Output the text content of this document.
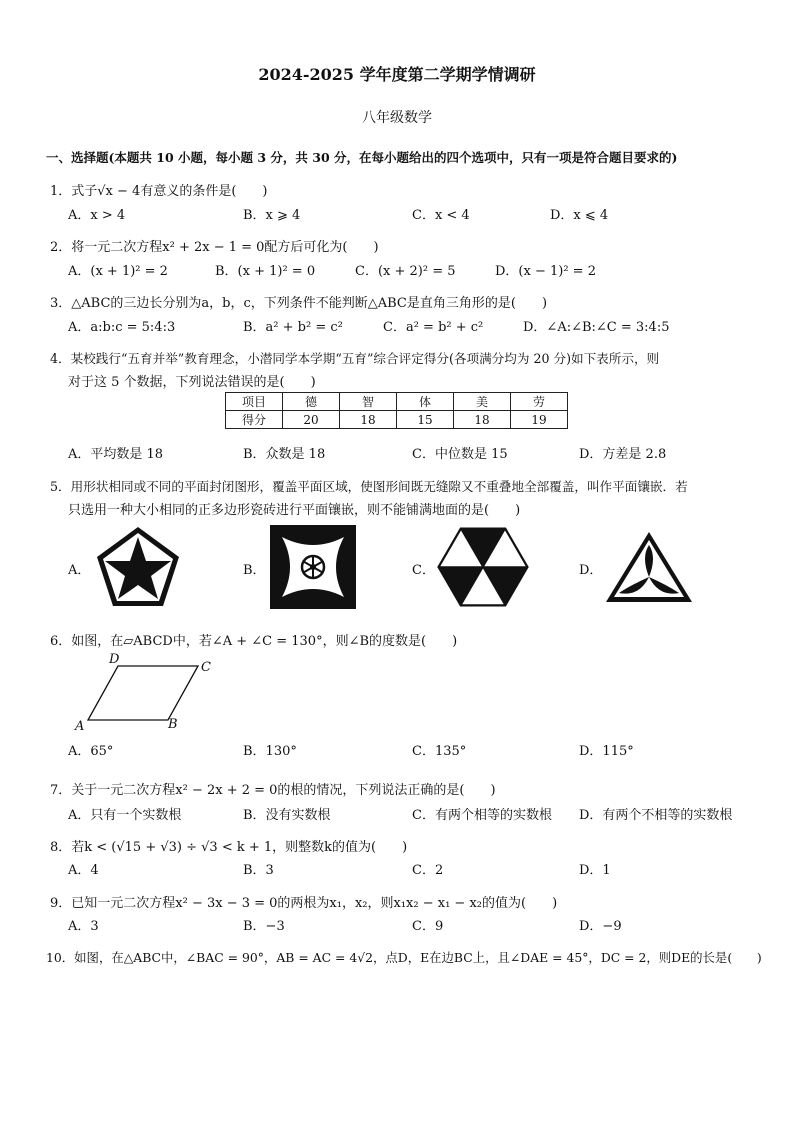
2024-2025 学年度第二学期学情调研
八年级数学
一、选择题(本题共 10 小题，每小题 3 分，共 30 分，在每小题给出的四个选项中，只有一项是符合题目要求的)
1．式子√x − 4有意义的条件是(　　)
A．x > 4	B．x ⩾ 4	C．x < 4	D．x ⩽ 4
2．将一元二次方程x² + 2x − 1 = 0配方后可化为(　　)
A．(x + 1)² = 2	B．(x + 1)² = 0	C．(x + 2)² = 5	D．(x − 1)² = 2
3．△ABC的三边长分别为a，b，c，下列条件不能判断△ABC是直角三角形的是(　　)
A．a:b:c = 5:4:3	B．a² + b² = c²	C．a² = b² + c²	D．∠A:∠B:∠C = 3:4:5
4．某校践行“五育并举”教育理念，小潜同学本学期“五育”综合评定得分(各项满分均为 20 分)如下表所示，则
对于这 5 个数据，下列说法错误的是(　　)
项目	德	智	体	美	劳
得分	20	18	15	18	19
A．平均数是 18	B．众数是 18	C．中位数是 15	D．方差是 2.8
5．用形状相同或不同的平面封闭图形，覆盖平面区域，使图形间既无缝隙又不重叠地全部覆盖，叫作平面镶嵌．若
只选用一种大小相同的正多边形瓷砖进行平面镶嵌，则不能铺满地面的是(　　)
A．	B．	C．	D．
6．如图，在▱ABCD中，若∠A + ∠C = 130°，则∠B的度数是(　　)
D
C
A	B
A．65°	B．130°	C．135°	D．115°
7．关于一元二次方程x² − 2x + 2 = 0的根的情况，下列说法正确的是(　　)
A．只有一个实数根	B．没有实数根	C．有两个相等的实数根 D．有两个不相等的实数根
8．若k < (√15 + √3) ÷ √3 < k + 1，则整数k的值为(　　)
A．4	B．3	C．2	D．1
9．已知一元二次方程x² − 3x − 3 = 0的两根为x₁，x₂，则x₁x₂ − x₁ − x₂的值为(　　)
A．3	B．−3	C．9	D．−9
10．如图，在△ABC中，∠BAC = 90°，AB = AC = 4√2，点D，E在边BC上，且∠DAE = 45°，DC = 2，则DE的长是(　　)
